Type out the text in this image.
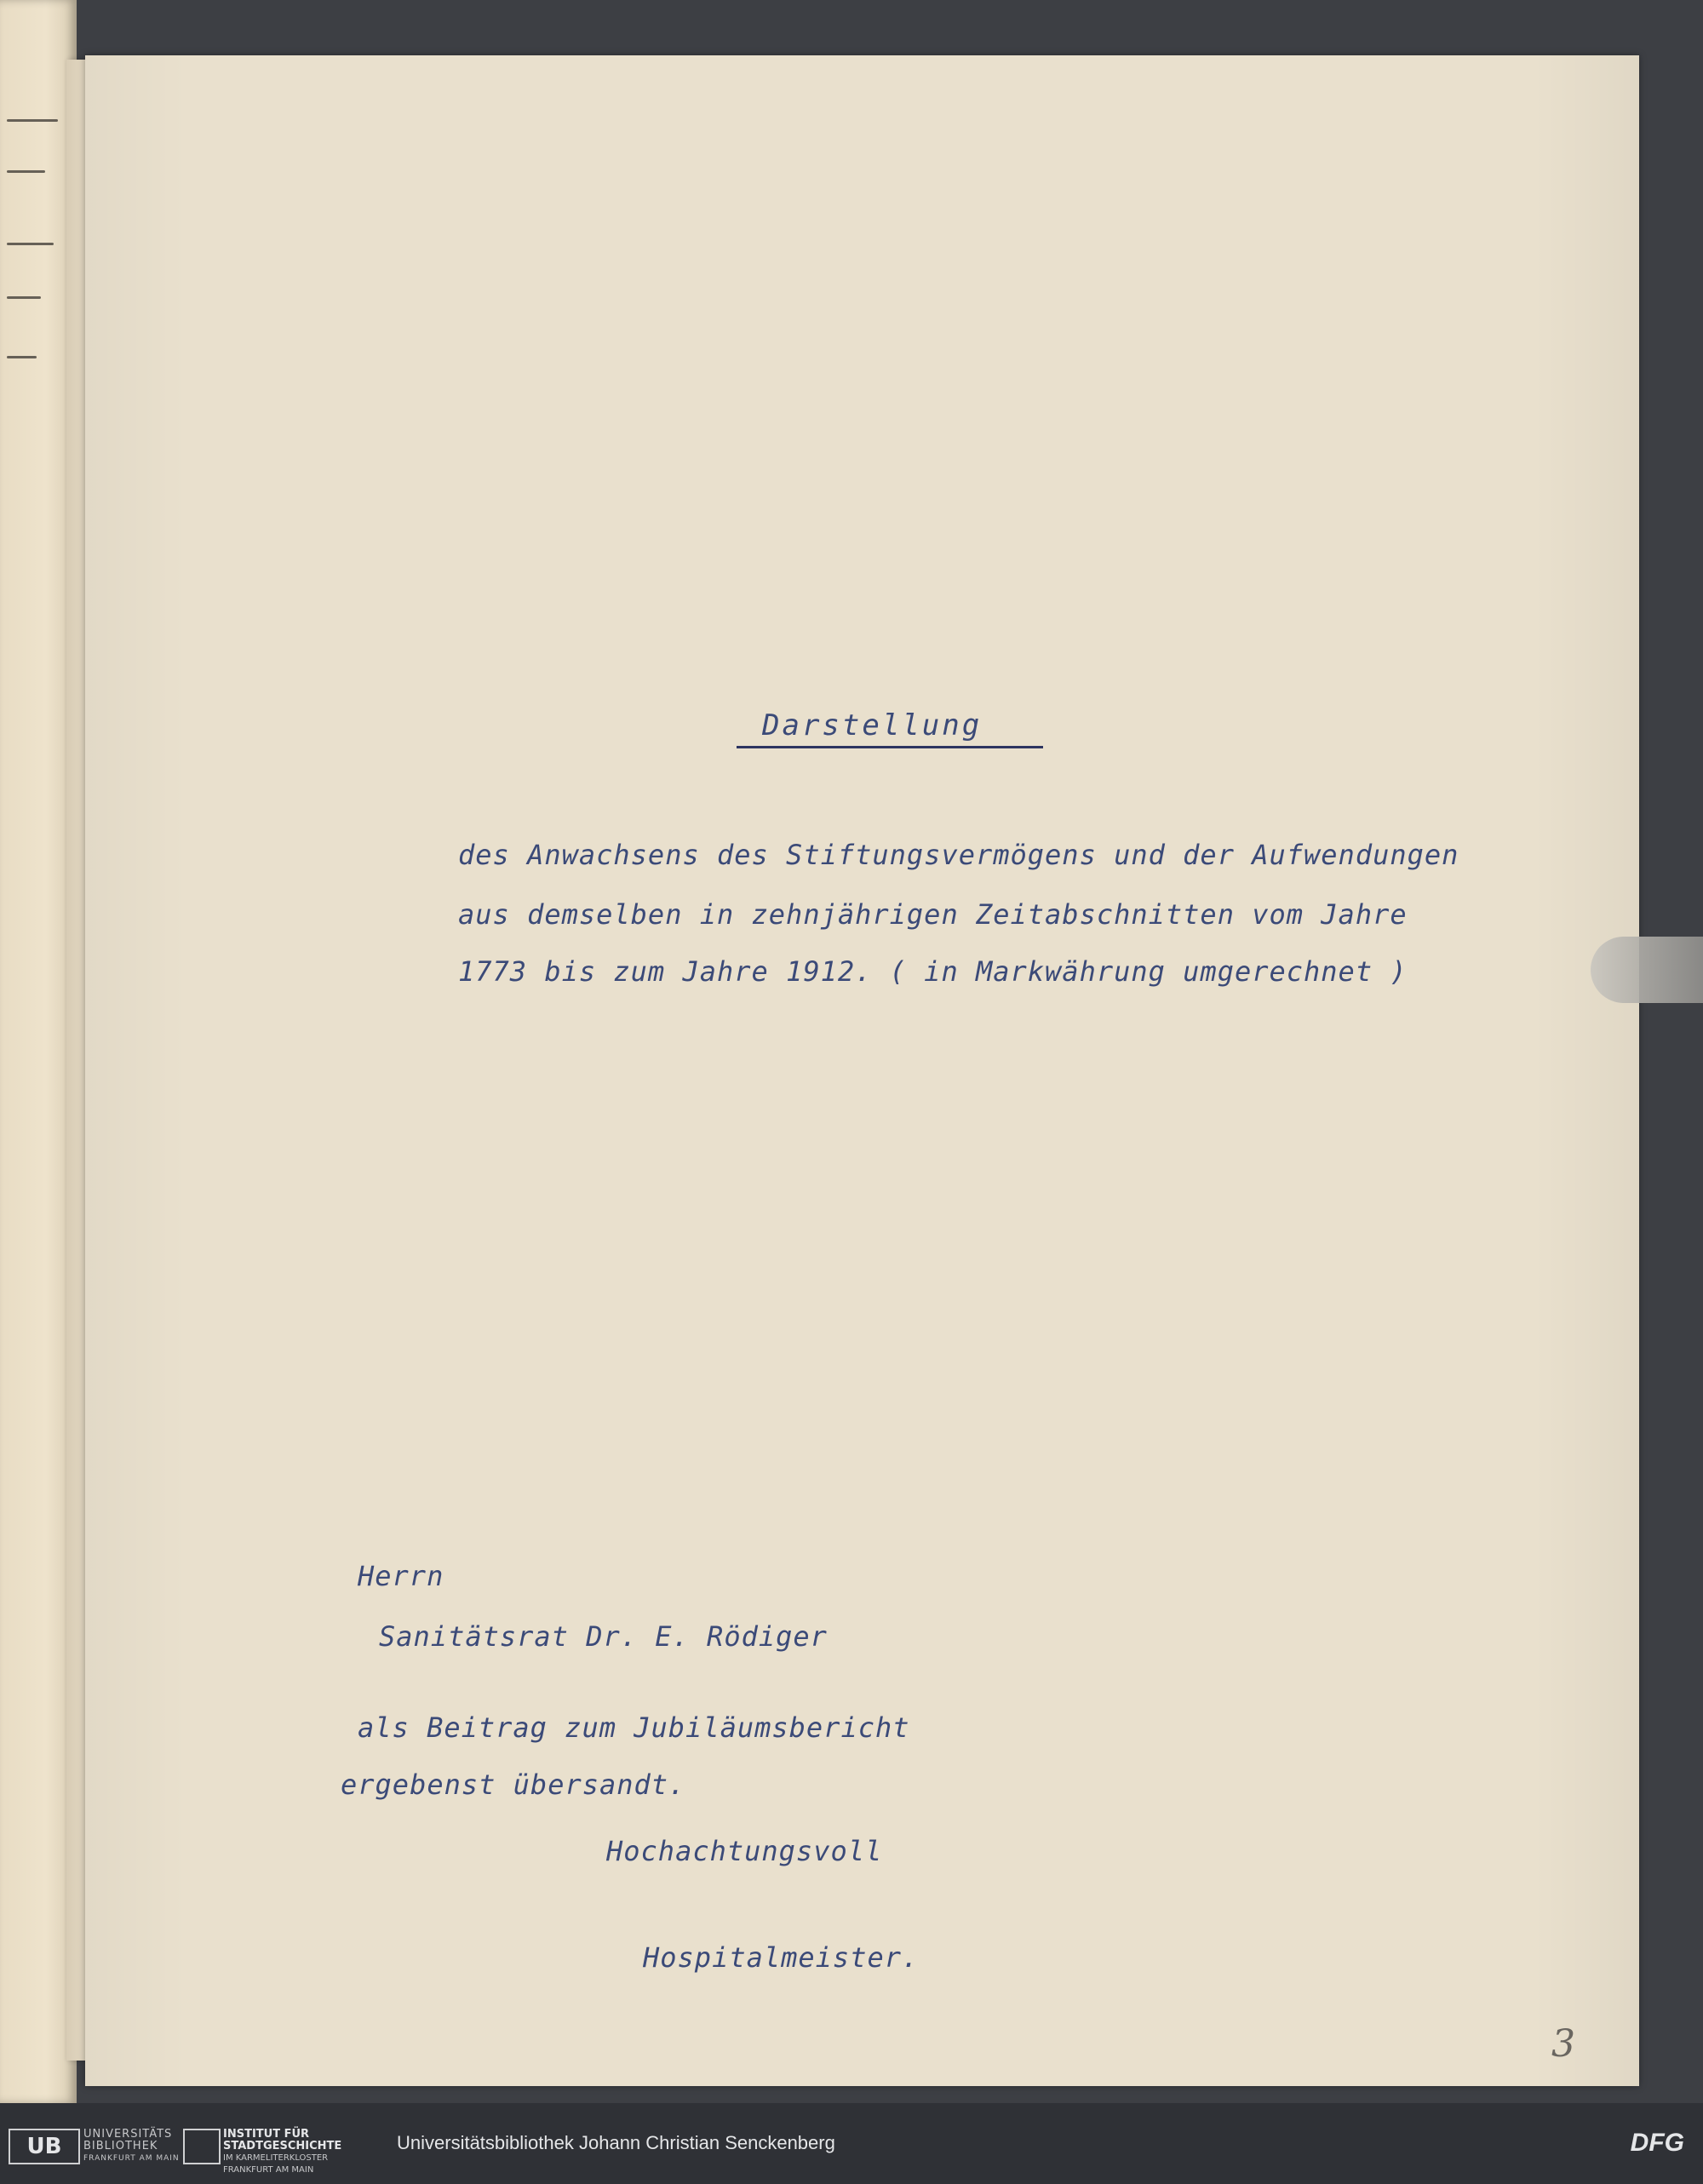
Darstellung
des Anwachsens des Stiftungsvermögens und der Aufwendungen
aus demselben in zehnjährigen Zeitabschnitten vom Jahre
1773 bis zum Jahre 1912. ( in Markwährung umgerechnet )
Herrn
Sanitätsrat Dr. E. Rödiger
als Beitrag zum Jubiläumsbericht
ergebenst übersandt.
Hochachtungsvoll
Hospitalmeister.
3
UB	UNIVERSITÄTS
BIBLIOTHEK
FRANKFURT AM MAIN
INSTITUT FÜR
STADTGESCHICHTE
IM KARMELITERKLOSTER
FRANKFURT AM MAIN
Universitätsbibliothek Johann Christian Senckenberg	DFG
